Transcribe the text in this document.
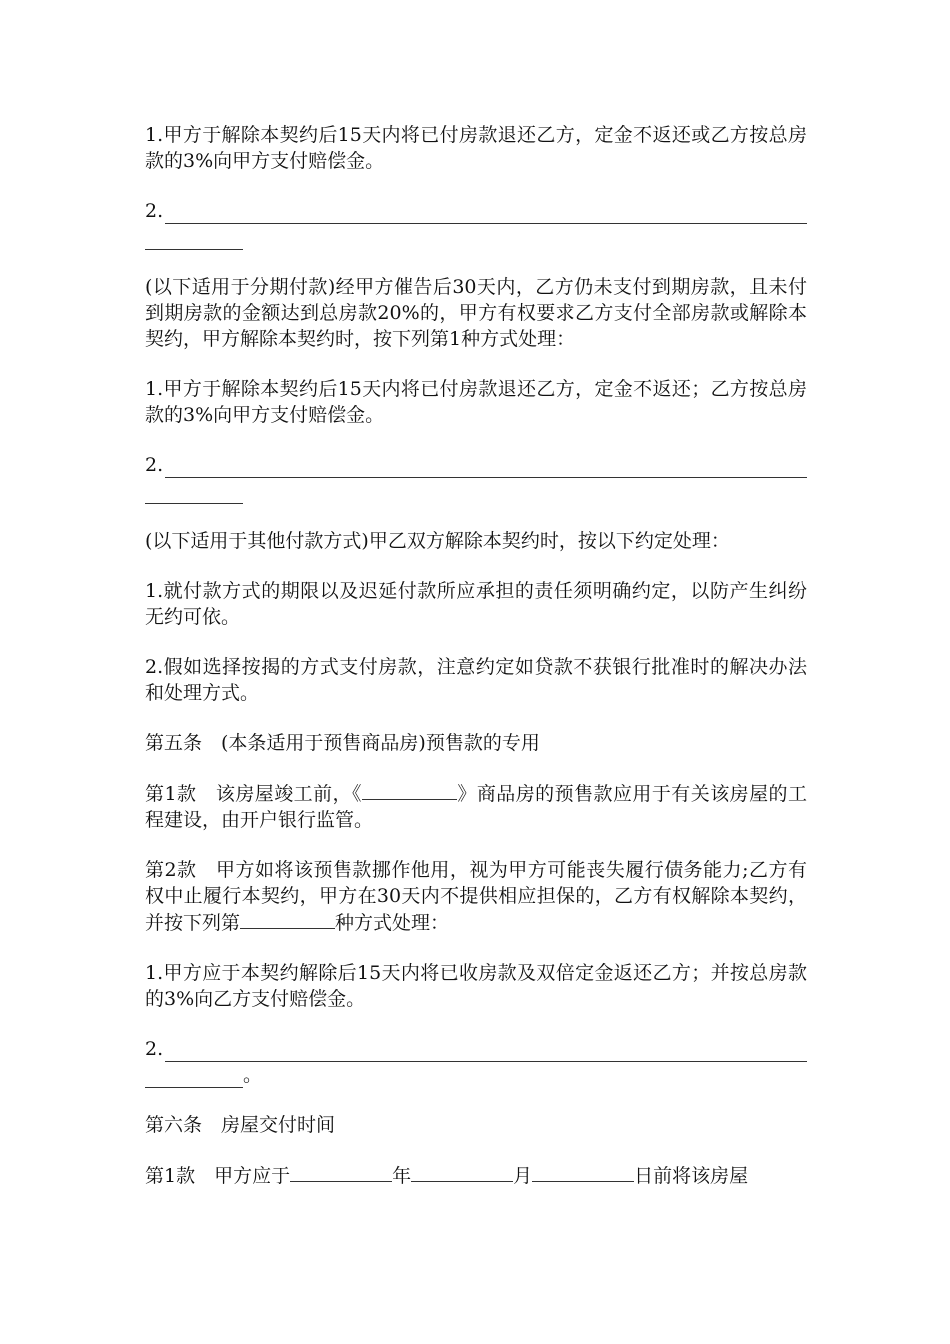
1.甲方于解除本契约后15天内将已付房款退还乙方，定金不返还或乙方按总房款的3%向甲方支付赔偿金。

2.

(以下适用于分期付款)经甲方催告后30天内，乙方仍未支付到期房款，且未付到期房款的金额达到总房款20%的，甲方有权要求乙方支付全部房款或解除本契约，甲方解除本契约时，按下列第1种方式处理：

1.甲方于解除本契约后15天内将已付房款退还乙方，定金不返还；乙方按总房款的3%向甲方支付赔偿金。

2.

(以下适用于其他付款方式)甲乙双方解除本契约时，按以下约定处理：

1.就付款方式的期限以及迟延付款所应承担的责任须明确约定，以防产生纠纷无约可依。

2.假如选择按揭的方式支付房款，注意约定如贷款不获银行批准时的解决办法和处理方式。

第五条　(本条适用于预售商品房)预售款的专用

第1款　该房屋竣工前，《	》商品房的预售款应用于有关该房屋的工程建设，由开户银行监管。

第2款　甲方如将该预售款挪作他用，视为甲方可能丧失履行债务能力;乙方有权中止履行本契约，甲方在30天内不提供相应担保的，乙方有权解除本契约，并按下列第	种方式处理：

1.甲方应于本契约解除后15天内将已收房款及双倍定金返还乙方；并按总房款的3%向乙方支付赔偿金。

2.
。

第六条　房屋交付时间

第1款　甲方应于	年	月	日前将该房屋
